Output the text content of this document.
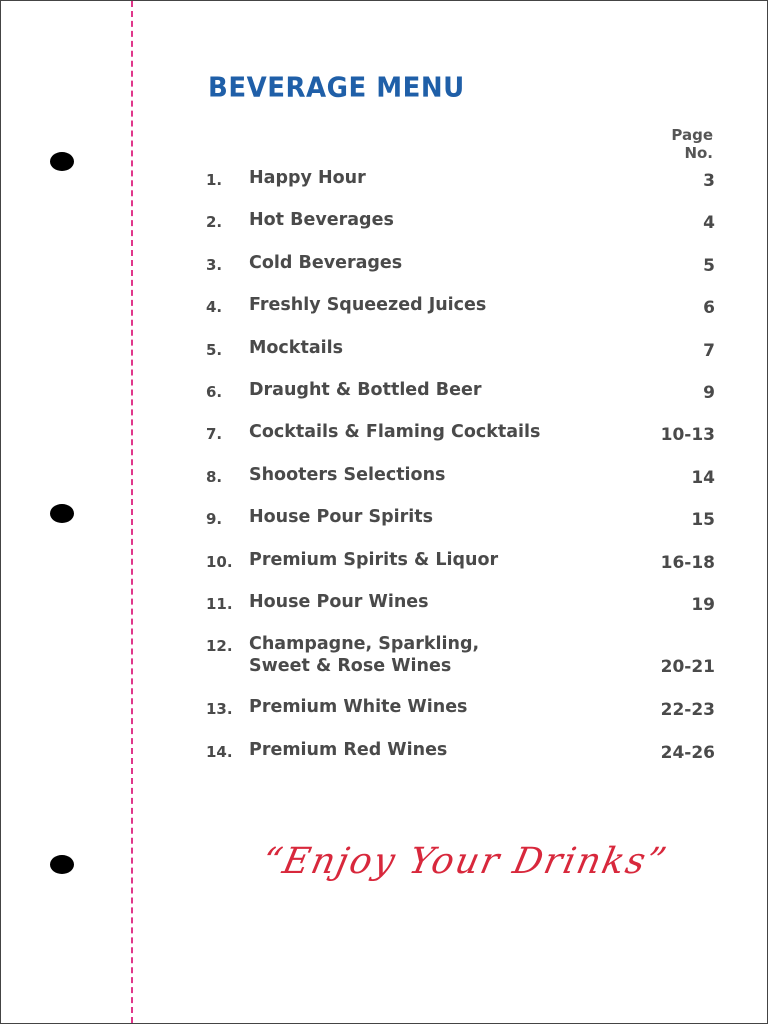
BEVERAGE MENU
Page
No.
1. Happy Hour	3
2. Hot Beverages	4
3. Cold Beverages	5
4. Freshly Squeezed Juices	6
5. Mocktails	7
6. Draught & Bottled Beer	9
7. Cocktails & Flaming Cocktails	10-13
8. Shooters Selections	14
9. House Pour Spirits	15
10. Premium Spirits & Liquor	16-18
11. House Pour Wines	19
12. Champagne, Sparkling,
Sweet & Rose Wines	20-21
13. Premium White Wines	22-23
14. Premium Red Wines	24-26
“Enjoy Your Drinks”
